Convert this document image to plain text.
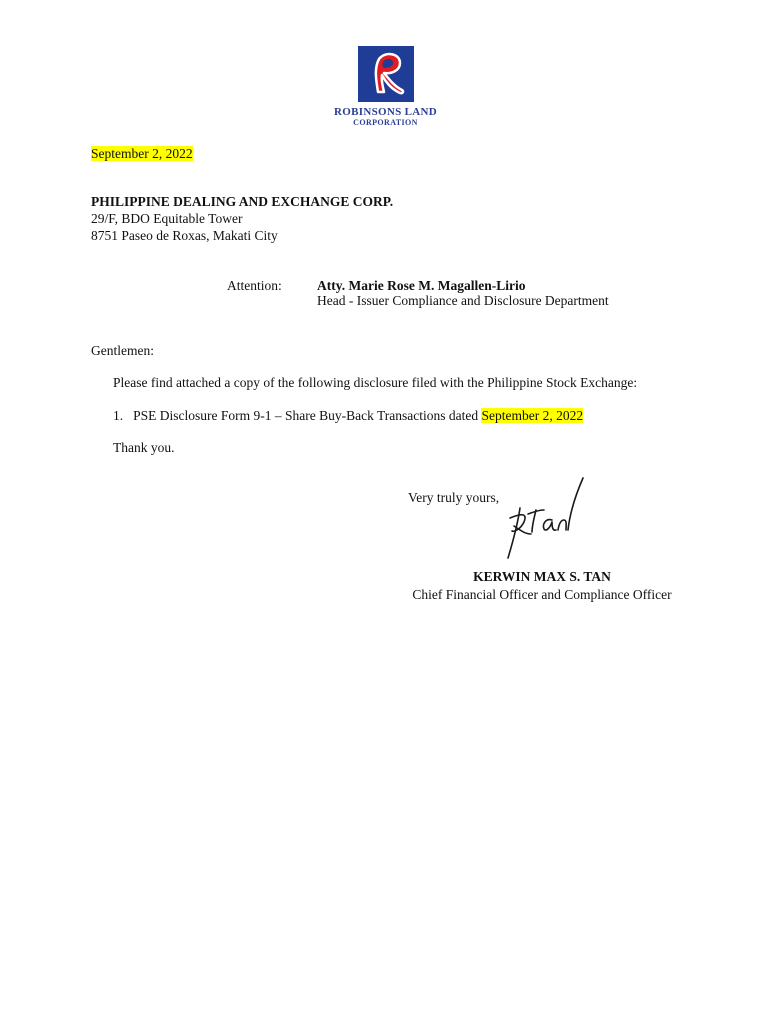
ROBINSONS LAND
CORPORATION
September 2, 2022
PHILIPPINE DEALING AND EXCHANGE CORP.
29/F, BDO Equitable Tower
8751 Paseo de Roxas, Makati City
Attention:	Atty. Marie Rose M. Magallen-Lirio
Head - Issuer Compliance and Disclosure Department
Gentlemen:
Please find attached a copy of the following disclosure filed with the Philippine Stock Exchange:
1. PSE Disclosure Form 9-1 – Share Buy-Back Transactions dated September 2, 2022
Thank you.
Very truly yours,
KERWIN MAX S. TAN
Chief Financial Officer and Compliance Officer
